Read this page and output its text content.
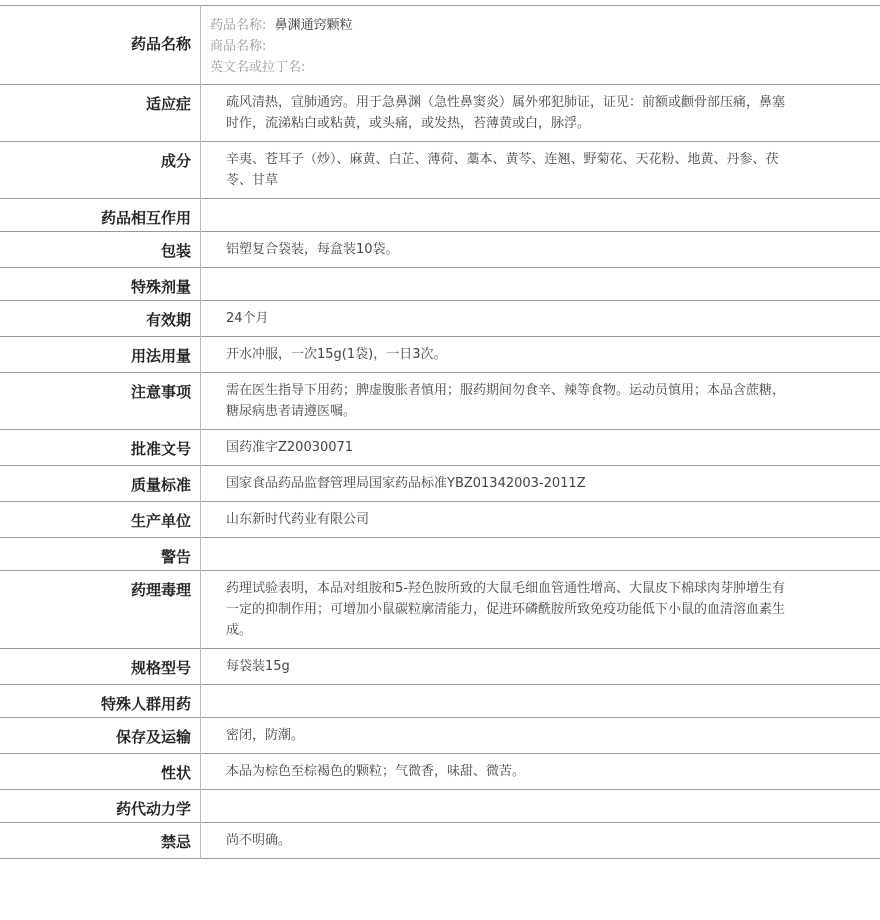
药品名称	药品名称: 鼻渊通窍颗粒
商品名称:
英文名或拉丁名:

适应症	疏风清热，宣肺通窍。用于急鼻渊（急性鼻窦炎）属外邪犯肺证，证见：前额或颧骨部压痛，鼻塞时作，流涕粘白或粘黄，或头痛，或发热，苔薄黄或白，脉浮。
成分	辛夷、苍耳子（炒）、麻黄、白芷、薄荷、藁本、黄芩、连翘、野菊花、天花粉、地黄、丹参、茯苓、甘草
药品相互作用	
包装	铝塑复合袋装，每盒装10袋。
特殊剂量	
有效期	24个月
用法用量	开水冲服，一次15g(1袋)，一日3次。
注意事项	需在医生指导下用药；脾虚腹胀者慎用；服药期间勿食辛、辣等食物。运动员慎用；本品含蔗糖，糖尿病患者请遵医嘱。
批准文号	国药准字Z20030071
质量标准	国家食品药品监督管理局国家药品标准YBZ01342003-2011Z
生产单位	山东新时代药业有限公司
警告	
药理毒理	药理试验表明，本品对组胺和5-羟色胺所致的大鼠毛细血管通性增高、大鼠皮下棉球肉芽肿增生有一定的抑制作用；可增加小鼠碳粒廓清能力，促进环磷酰胺所致免疫功能低下小鼠的血清溶血素生成。
规格型号	每袋装15g
特殊人群用药	
保存及运输	密闭，防潮。
性状	本品为棕色至棕褐色的颗粒；气微香，味甜、微苦。
药代动力学	
禁忌	尚不明确。
